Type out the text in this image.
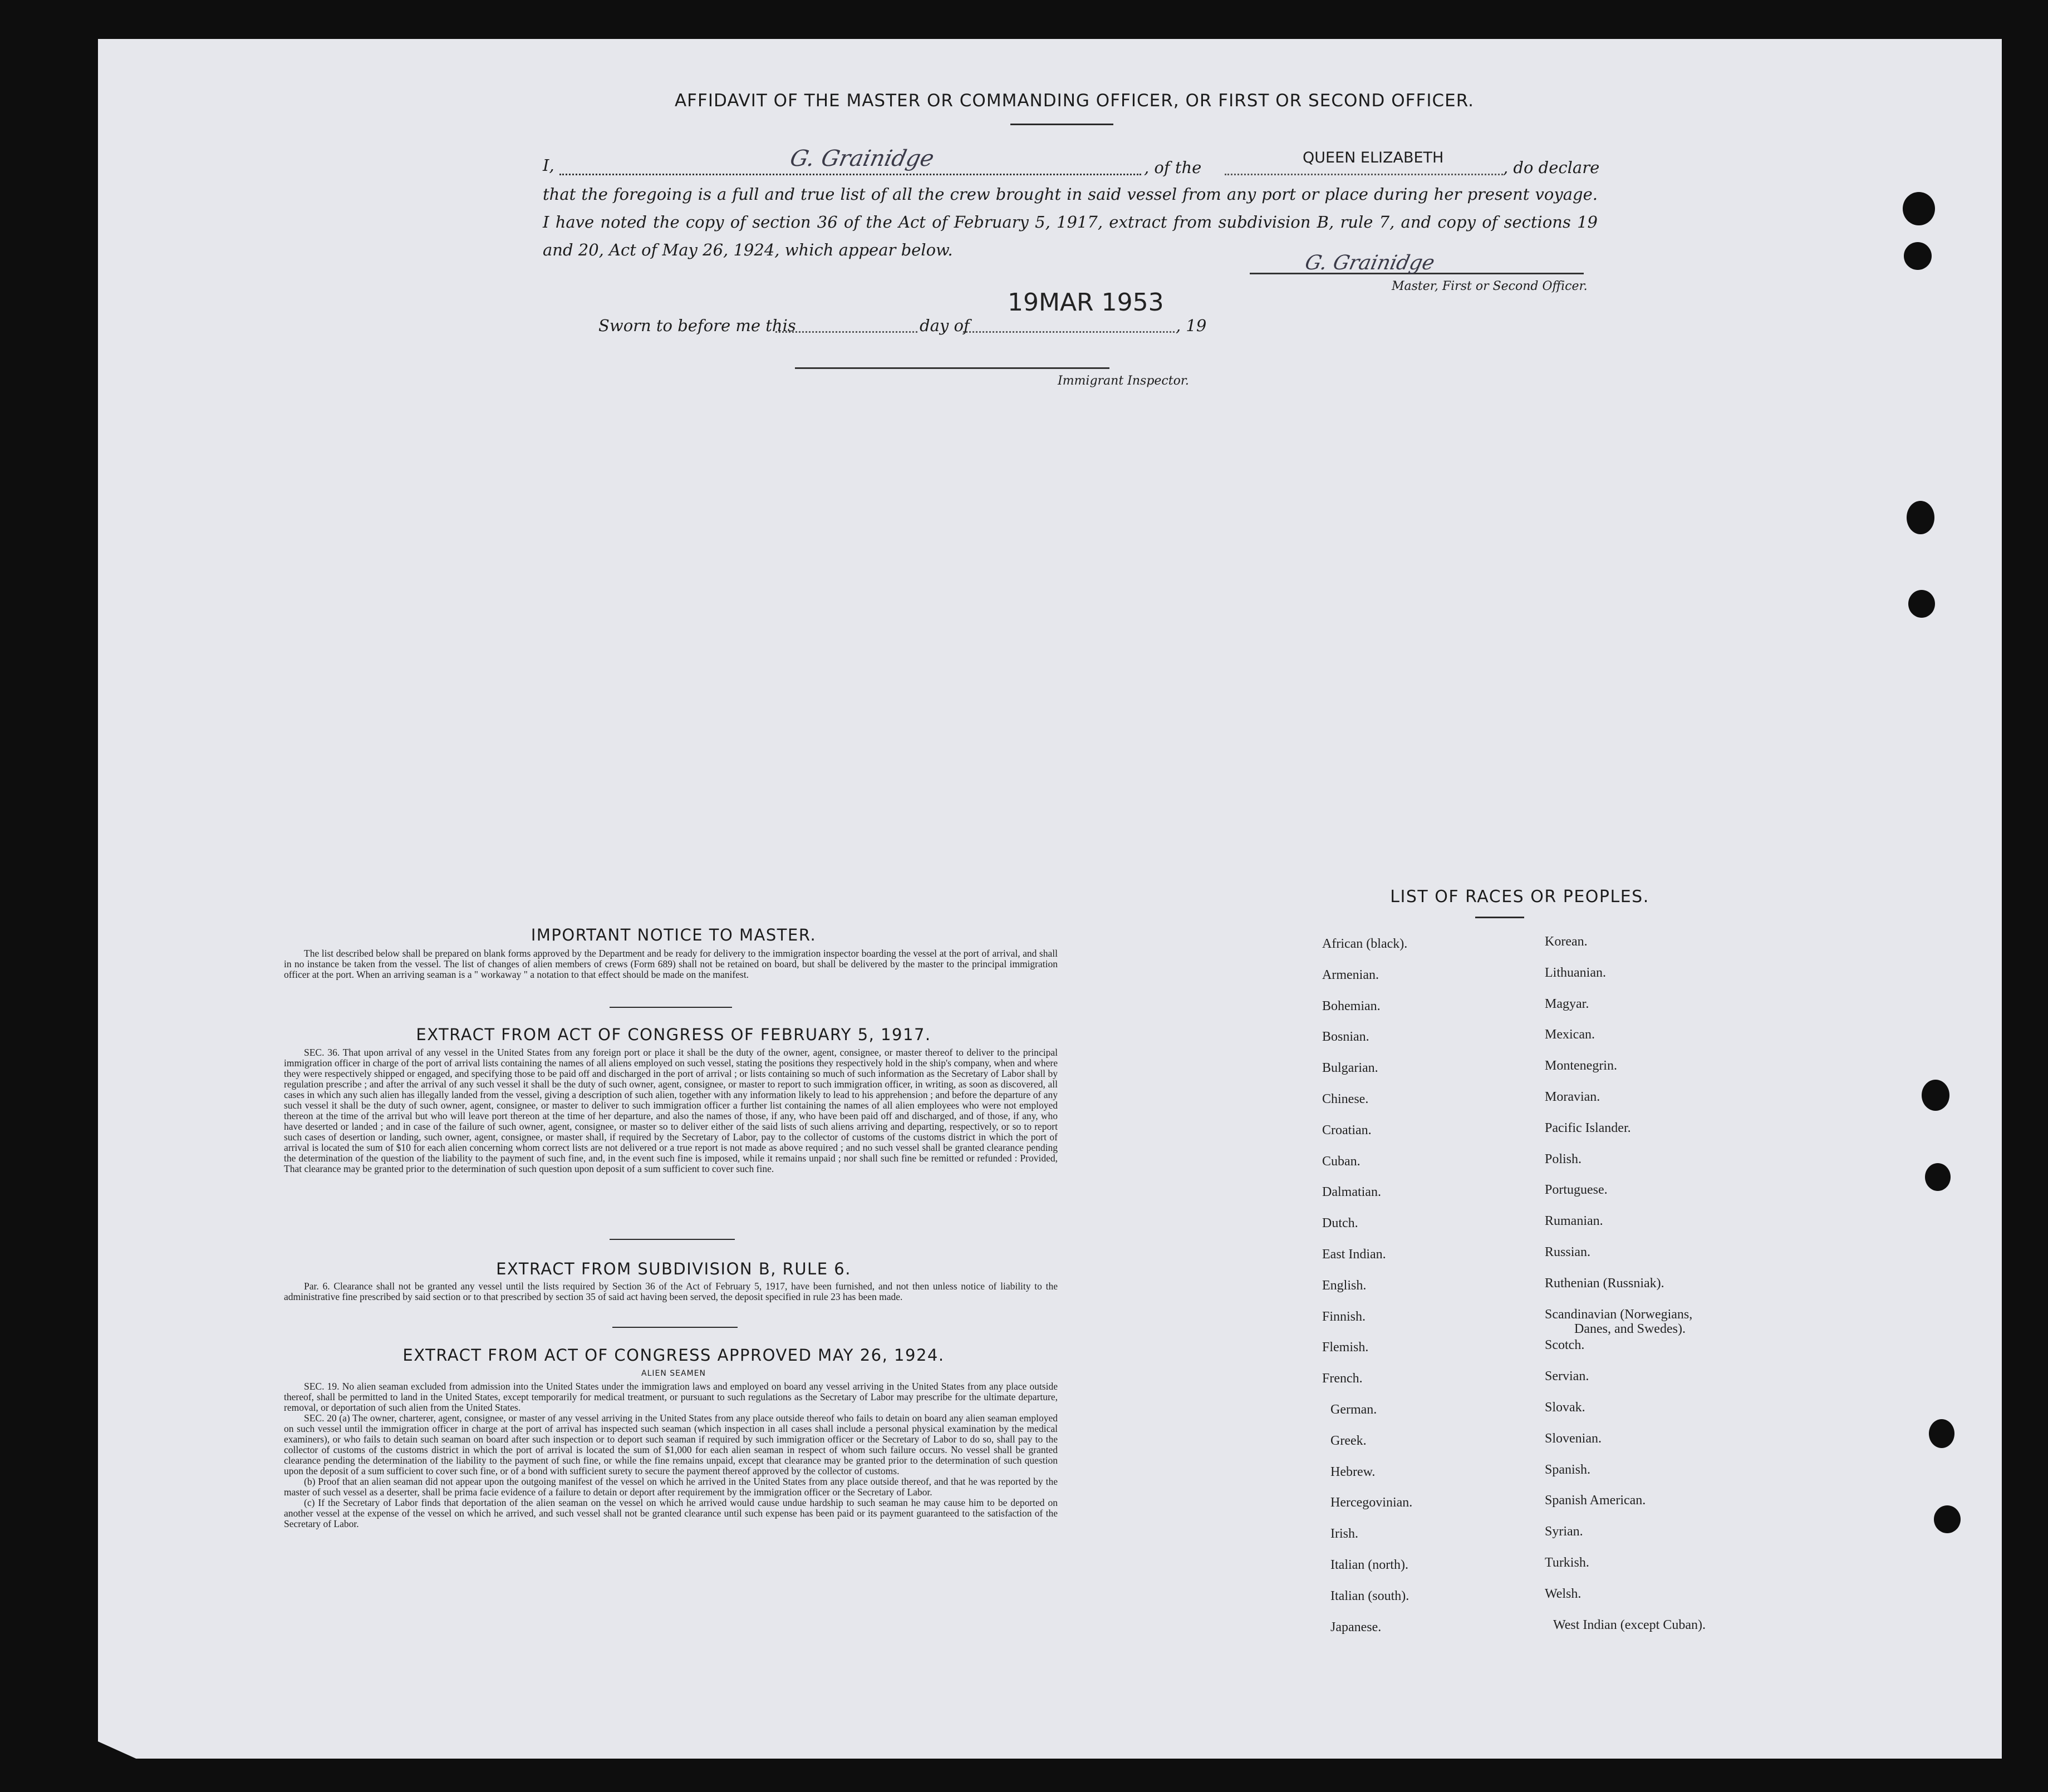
AFFIDAVIT OF THE MASTER OR COMMANDING OFFICER, OR FIRST OR SECOND OFFICER.
I,	G. Grainidge	, of the
QUEEN ELIZABETH
, do declare
that the foregoing is a full and true list of all the crew brought in said vessel from any port or place during her present voyage.
I have noted the copy of section 36 of the Act of February 5, 1917, extract from subdivision B, rule 7, and copy of sections 19
and 20, Act of May 26, 1924, which appear below.
G. Grainidge
Master, First or Second Officer.
Sworn to before me this	day of
19MAR 1953
, 19
Immigrant Inspector.
IMPORTANT NOTICE TO MASTER.

The list described below shall be prepared on blank forms approved by the Department and be ready for delivery to the immigration inspector boarding the vessel at the port of arrival, and shall in no instance be taken from the vessel. The list of changes of alien members of crews (Form 689) shall not be retained on board, but shall be delivered by the master to the principal immigration officer at the port. When an arriving seaman is a " workaway " a notation to that effect should be made on the manifest.

EXTRACT FROM ACT OF CONGRESS OF FEBRUARY 5, 1917.

SEC. 36. That upon arrival of any vessel in the United States from any foreign port or place it shall be the duty of the owner, agent, consignee, or master thereof to deliver to the principal immigration officer in charge of the port of arrival lists containing the names of all aliens employed on such vessel, stating the positions they respectively hold in the ship's company, when and where they were respectively shipped or engaged, and specifying those to be paid off and discharged in the port of arrival ; or lists containing so much of such information as the Secretary of Labor shall by regulation prescribe ; and after the arrival of any such vessel it shall be the duty of such owner, agent, consignee, or master to report to such immigration officer, in writing, as soon as discovered, all cases in which any such alien has illegally landed from the vessel, giving a description of such alien, together with any information likely to lead to his apprehension ; and before the departure of any such vessel it shall be the duty of such owner, agent, consignee, or master to deliver to such immigration officer a further list containing the names of all alien employees who were not employed thereon at the time of the arrival but who will leave port thereon at the time of her departure, and also the names of those, if any, who have been paid off and discharged, and of those, if any, who have deserted or landed ; and in case of the failure of such owner, agent, consignee, or master so to deliver either of the said lists of such aliens arriving and departing, respectively, or so to report such cases of desertion or landing, such owner, agent, consignee, or master shall, if required by the Secretary of Labor, pay to the collector of customs of the customs district in which the port of arrival is located the sum of $10 for each alien concerning whom correct lists are not delivered or a true report is not made as above required ; and no such vessel shall be granted clearance pending the determination of the question of the liability to the payment of such fine, and, in the event such fine is imposed, while it remains unpaid ; nor shall such fine be remitted or refunded : Provided, That clearance may be granted prior to the determination of such question upon deposit of a sum sufficient to cover such fine.

EXTRACT FROM SUBDIVISION B, RULE 6.

Par. 6. Clearance shall not be granted any vessel until the lists required by Section 36 of the Act of February 5, 1917, have been furnished, and not then unless notice of liability to the administrative fine prescribed by said section or to that prescribed by section 35 of said act having been served, the deposit specified in rule 23 has been made.

EXTRACT FROM ACT OF CONGRESS APPROVED MAY 26, 1924.
ALIEN SEAMEN

SEC. 19. No alien seaman excluded from admission into the United States under the immigration laws and employed on board any vessel arriving in the United States from any place outside thereof, shall be permitted to land in the United States, except temporarily for medical treatment, or pursuant to such regulations as the Secretary of Labor may prescribe for the ultimate departure, removal, or deportation of such alien from the United States.

SEC. 20 (a) The owner, charterer, agent, consignee, or master of any vessel arriving in the United States from any place outside thereof who fails to detain on board any alien seaman employed on such vessel until the immigration officer in charge at the port of arrival has inspected such seaman (which inspection in all cases shall include a personal physical examination by the medical examiners), or who fails to detain such seaman on board after such inspection or to deport such seaman if required by such immigration officer or the Secretary of Labor to do so, shall pay to the collector of customs of the customs district in which the port of arrival is located the sum of $1,000 for each alien seaman in respect of whom such failure occurs. No vessel shall be granted clearance pending the determination of the liability to the payment of such fine, or while the fine remains unpaid, except that clearance may be granted prior to the determination of such question upon the deposit of a sum sufficient to cover such fine, or of a bond with sufficient surety to secure the payment thereof approved by the collector of customs.

(b) Proof that an alien seaman did not appear upon the outgoing manifest of the vessel on which he arrived in the United States from any place outside thereof, and that he was reported by the master of such vessel as a deserter, shall be prima facie evidence of a failure to detain or deport after requirement by the immigration officer or the Secretary of Labor.

(c) If the Secretary of Labor finds that deportation of the alien seaman on the vessel on which he arrived would cause undue hardship to such seaman he may cause him to be deported on another vessel at the expense of the vessel on which he arrived, and such vessel shall not be granted clearance until such expense has been paid or its payment guaranteed to the satisfaction of the Secretary of Labor.

LIST OF RACES OR PEOPLES.
African (black).
Armenian.
Bohemian.
Bosnian.
Bulgarian.
Chinese.
Croatian.
Cuban.
Dalmatian.
Dutch.
East Indian.
English.
Finnish.
Flemish.
French.
German.
Greek.
Hebrew.
Hercegovinian.
Irish.
Italian (north).
Italian (south).
Japanese.
Korean.
Lithuanian.
Magyar.
Mexican.
Montenegrin.
Moravian.
Pacific Islander.
Polish.
Portuguese.
Rumanian.
Russian.
Ruthenian (Russniak).
Scandinavian (Norwegians,
Scotch.
Servian.
Slovak.
Slovenian.
Spanish.
Spanish American.
Syrian.
Turkish.
Welsh.
West Indian (except Cuban).
Danes, and Swedes).
